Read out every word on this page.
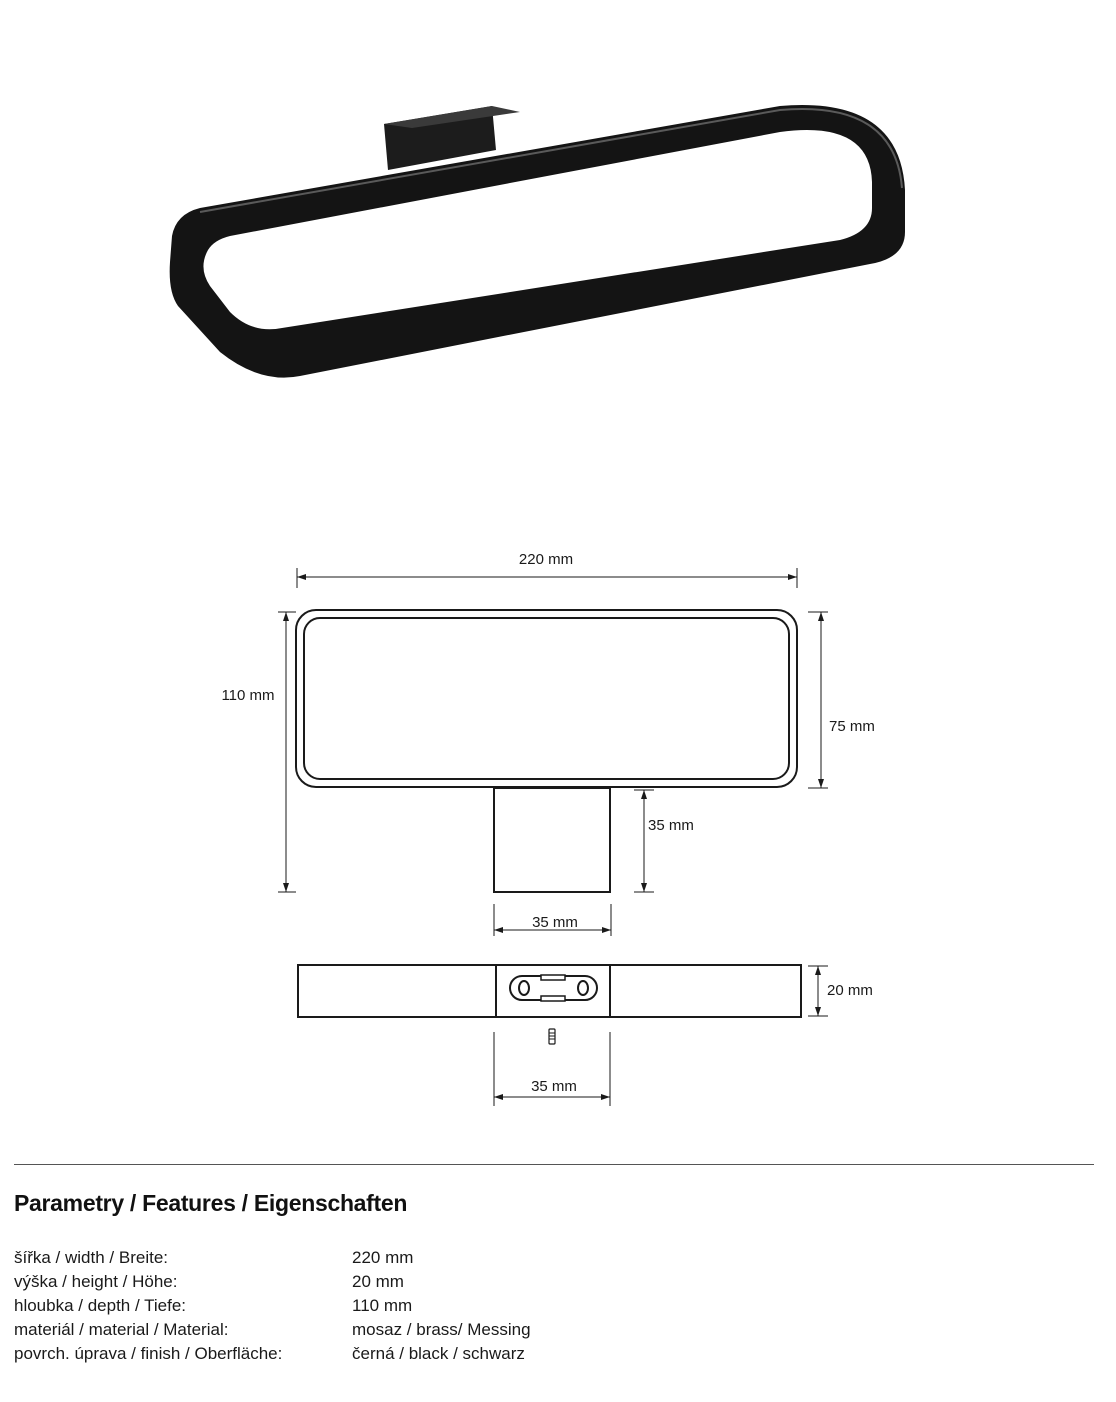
220 mm
110 mm
75 mm
35 mm
35 mm
20 mm
35 mm
Parametry / Features / Eigenschaften
šířka / width / Breite:	220 mm
výška / height / Höhe:	20 mm
hloubka / depth / Tiefe:	110 mm
materiál / material / Material:	mosaz / brass/ Messing
povrch. úprava / finish / Oberfläche:	černá / black / schwarz
